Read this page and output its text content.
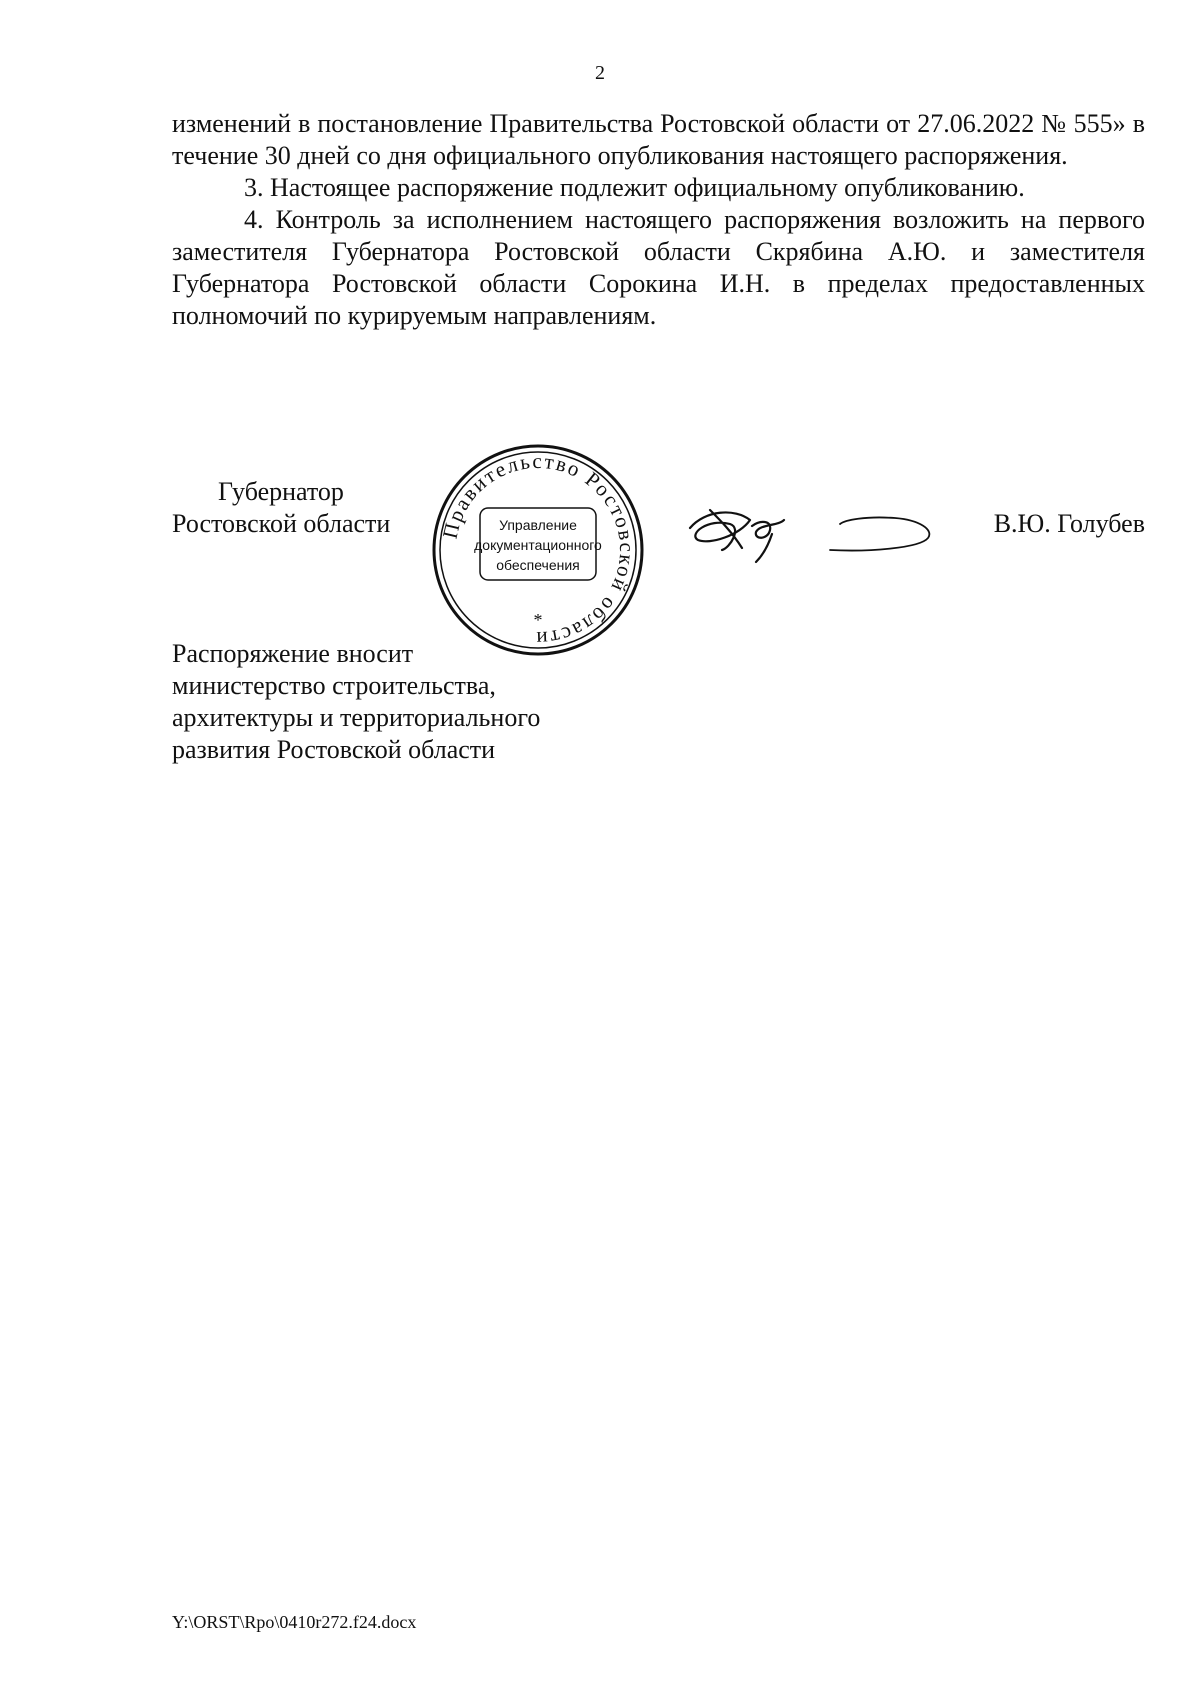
2

изменений в постановление Правительства Ростовской области от 27.06.2022 № 555» в течение 30 дней со дня официального опубликования настоящего распоряжения.

3. Настоящее распоряжение подлежит официальному опубликованию.

4. Контроль за исполнением настоящего распоряжения возложить на первого заместителя Губернатора Ростовской области Скрябина А.Ю. и заместителя Губернатора Ростовской области Сорокина И.Н. в пределах предоставленных полномочий по курируемым направлениям.

Губернатор
Ростовской области Правительство Ростовской области
Управление
документационного
обеспечения
*
В.Ю. Голубев
Распоряжение вносит
министерство строительства,
архитектуры и территориального
развития Ростовской области
Y:\ORST\Rpo\0410r272.f24.docx
